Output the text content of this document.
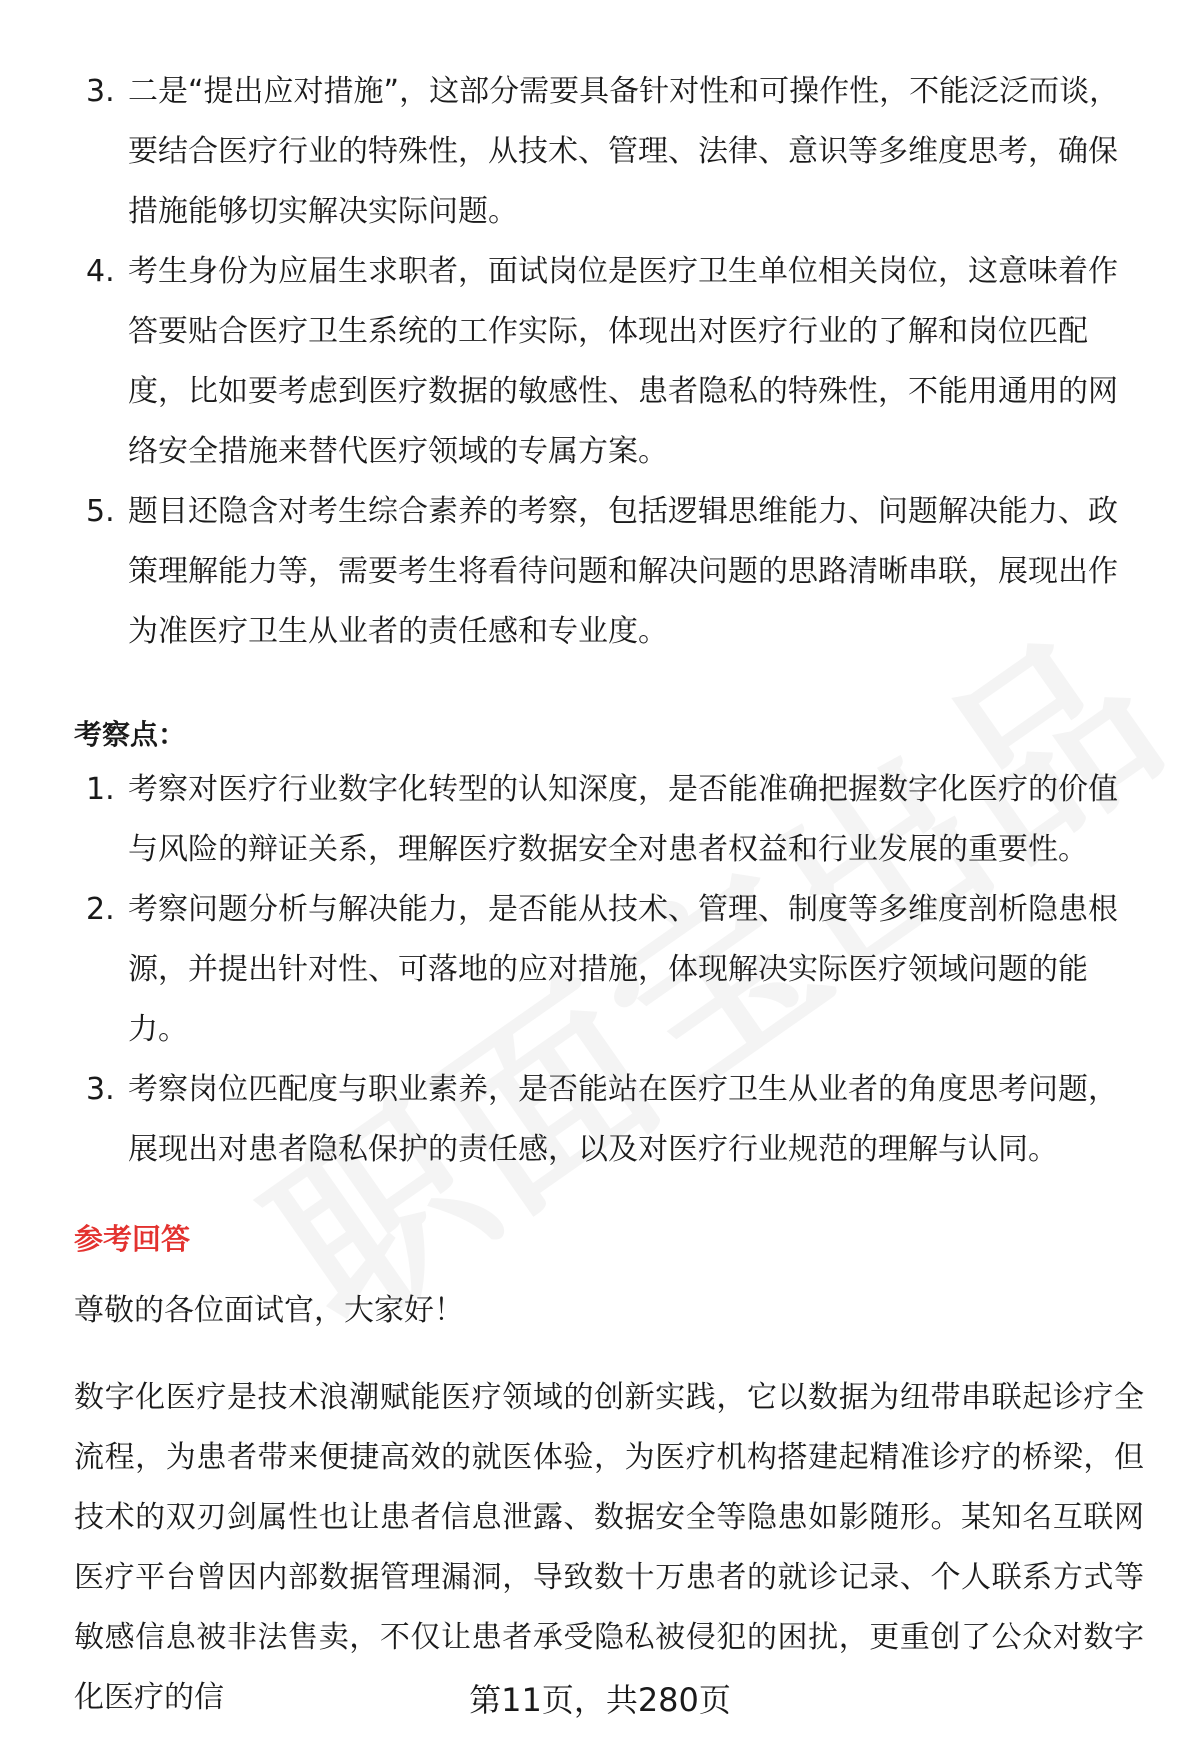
3. 二是“提出应对措施”，这部分需要具备针对性和可操作性，不能泛泛而谈，要结合医疗行业的特殊性，从技术、管理、法律、意识等多维度思考，确保措施能够切实解决实际问题。
4. 考生身份为应届生求职者，面试岗位是医疗卫生单位相关岗位，这意味着作答要贴合医疗卫生系统的工作实际，体现出对医疗行业的了解和岗位匹配度，比如要考虑到医疗数据的敏感性、患者隐私的特殊性，不能用通用的网络安全措施来替代医疗领域的专属方案。
5. 题目还隐含对考生综合素养的考察，包括逻辑思维能力、问题解决能力、政策理解能力等，需要考生将看待问题和解决问题的思路清晰串联，展现出作为准医疗卫生从业者的责任感和专业度。
考察点：
1. 考察对医疗行业数字化转型的认知深度，是否能准确把握数字化医疗的价值与风险的辩证关系，理解医疗数据安全对患者权益和行业发展的重要性。
2. 考察问题分析与解决能力，是否能从技术、管理、制度等多维度剖析隐患根源，并提出针对性、可落地的应对措施，体现解决实际医疗领域问题的能力。
3. 考察岗位匹配度与职业素养，是否能站在医疗卫生从业者的角度思考问题，展现出对患者隐私保护的责任感，以及对医疗行业规范的理解与认同。
参考回答
尊敬的各位面试官，大家好！
数字化医疗是技术浪潮赋能医疗领域的创新实践，它以数据为纽带串联起诊疗全流程，为患者带来便捷高效的就医体验，为医疗机构搭建起精准诊疗的桥梁，但技术的双刃剑属性也让患者信息泄露、数据安全等隐患如影随形。某知名互联网医疗平台曾因内部数据管理漏洞，导致数十万患者的就诊记录、个人联系方式等敏感信息被非法售卖，不仅让患者承受隐私被侵犯的困扰，更重创了公众对数字化医疗的信	第11页，共280页
